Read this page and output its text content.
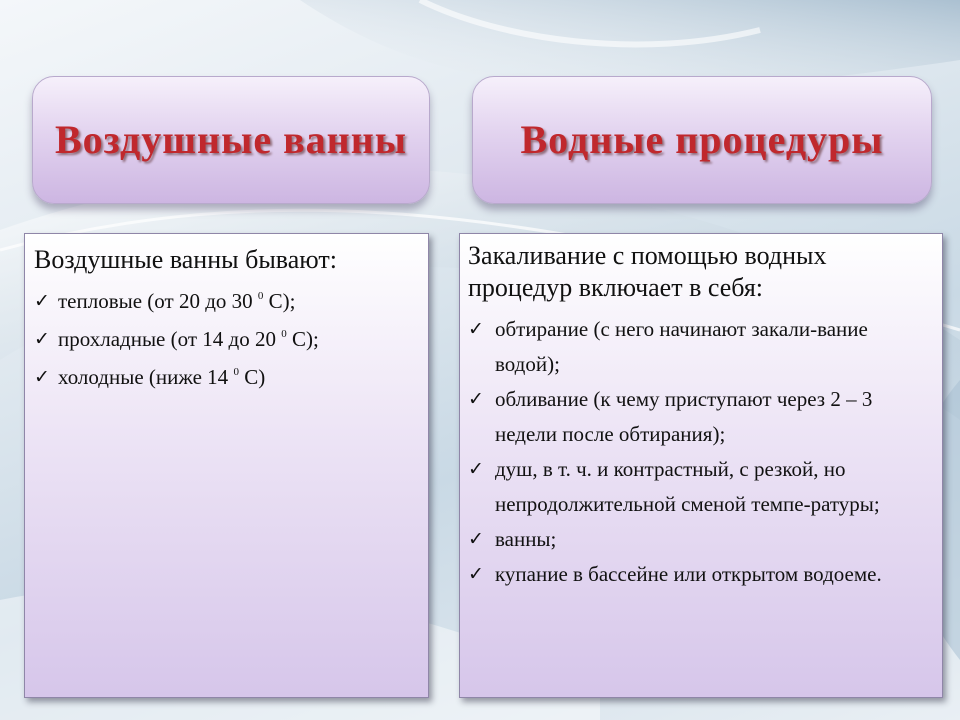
Воздушные ванны	Водные процедуры
Воздушные ванны бывают:
✓ тепловые (от 20 до 30 $^0$ С);
✓ прохладные (от 14 до 20 $^0$ С);
✓ холодные (ниже 14 $^0$ С)
Закаливание с помощью водных процедур включает в себя:
✓ обтирание (с него начинают закали-вание водой);
✓ обливание (к чему приступают через 2 – 3 недели после обтирания);
✓ душ, в т. ч. и контрастный, с резкой, но непродолжительной сменой темпе-ратуры;
✓ ванны;
✓ купание в бассейне или открытом водоеме.
